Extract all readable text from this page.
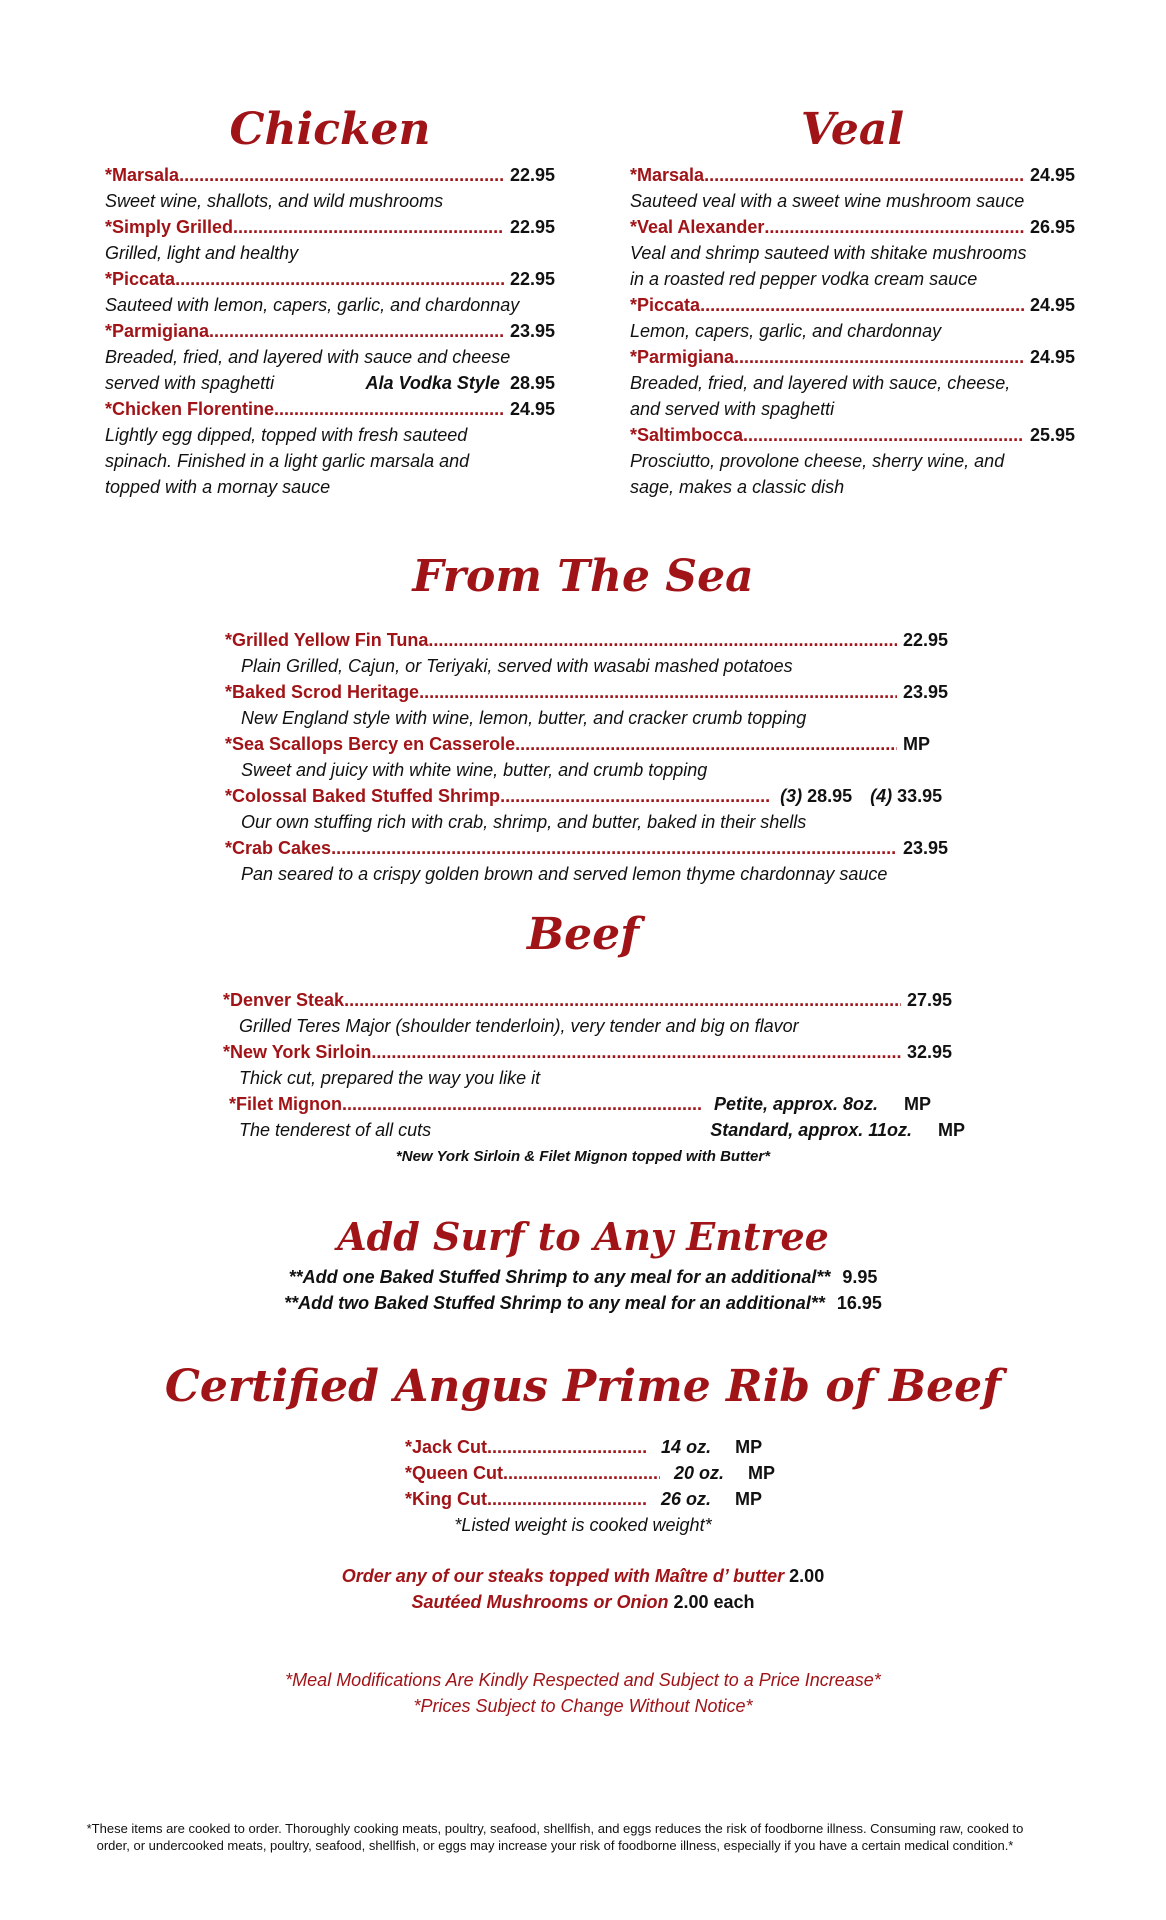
Chicken
*Marsala .....	22.95
Sweet wine, shallots, and wild mushrooms
*Simply Grilled .....	22.95
Grilled, light and healthy
*Piccata .....	22.95
Sauteed with lemon, capers, garlic, and chardonnay
*Parmigiana .....	23.95
Breaded, fried, and layered with sauce and cheese
served with spaghetti	Ala Vodka Style 28.95
*Chicken Florentine .....	24.95
Lightly egg dipped, topped with fresh sauteed
spinach. Finished in a light garlic marsala and
topped with a mornay sauce
Veal
*Marsala .....	24.95
Sauteed veal with a sweet wine mushroom sauce
*Veal Alexander .....	26.95
Veal and shrimp sauteed with shitake mushrooms
in a roasted red pepper vodka cream sauce
*Piccata .....	24.95
Lemon, capers, garlic, and chardonnay
*Parmigiana .....	24.95
Breaded, fried, and layered with sauce, cheese,
and served with spaghetti
*Saltimbocca .....	25.95
Prosciutto, provolone cheese, sherry wine, and
sage, makes a classic dish
From The Sea
*Grilled Yellow Fin Tuna .....	22.95
Plain Grilled, Cajun, or Teriyaki, served with wasabi mashed potatoes
*Baked Scrod Heritage .....	23.95
New England style with wine, lemon, butter, and cracker crumb topping
*Sea Scallops Bercy en Casserole .....	MP
Sweet and juicy with white wine, butter, and crumb topping
*Colossal Baked Stuffed Shrimp .....	(3) 28.95 (4) 33.95
Our own stuffing rich with crab, shrimp, and butter, baked in their shells
*Crab Cakes .....	23.95
Pan seared to a crispy golden brown and served lemon thyme chardonnay sauce
Beef
*Denver Steak .....	27.95
Grilled Teres Major (shoulder tenderloin), very tender and big on flavor
*New York Sirloin .....	32.95
Thick cut, prepared the way you like it
*Filet Mignon .....	Petite, approx. 8oz. MP
The tenderest of all cuts	Standard, approx. 11oz. MP
*New York Sirloin & Filet Mignon topped with Butter*
Add Surf to Any Entree
**Add one Baked Stuffed Shrimp to any meal for an additional** 9.95
**Add two Baked Stuffed Shrimp to any meal for an additional** 16.95
Certified Angus Prime Rib of Beef
*Jack Cut .....	14 oz. MP
*Queen Cut .....	20 oz. MP
*King Cut .....	26 oz. MP
*Listed weight is cooked weight*
Order any of our steaks topped with Maître d’ butter 2.00
Sautéed Mushrooms or Onion 2.00 each
*Meal Modifications Are Kindly Respected and Subject to a Price Increase*
*Prices Subject to Change Without Notice*
*These items are cooked to order. Thoroughly cooking meats, poultry, seafood, shellfish, and eggs reduces the risk of foodborne illness. Consuming raw, cooked to order, or undercooked meats, poultry, seafood, shellfish, or eggs may increase your risk of foodborne illness, especially if you have a certain medical condition.*
